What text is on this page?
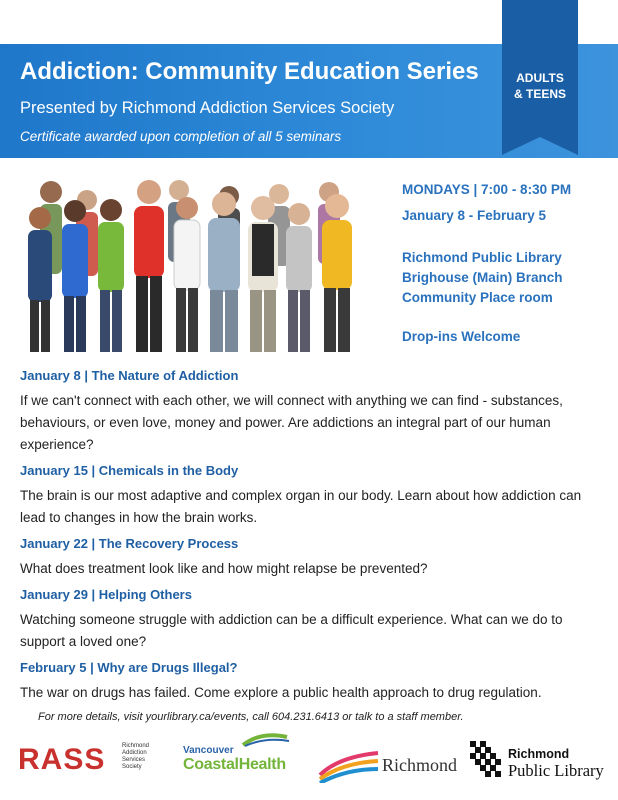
Addiction: Community Education Series
Presented by Richmond Addiction Services Society
Certificate awarded upon completion of all 5 seminars
ADULTS
& TEENS
MONDAYS | 7:00 - 8:30 PM
January 8 - February 5
Richmond Public Library
Brighouse (Main) Branch
Community Place room
Drop-ins Welcome
January 8 | The Nature of Addiction
If we can't connect with each other, we will connect with anything we can find - substances, behaviours, or even love, money and power. Are addictions an integral part of our human experience?
January 15 | Chemicals in the Body
The brain is our most adaptive and complex organ in our body. Learn about how addiction can lead to changes in how the brain works.
January 22 | The Recovery Process
What does treatment look like and how might relapse be prevented?
January 29 | Helping Others
Watching someone struggle with addiction can be a difficult experience. What can we do to support a loved one?
February 5 | Why are Drugs Illegal?
The war on drugs has failed. Come explore a public health approach to drug regulation.
For more details, visit yourlibrary.ca/events, call 604.231.6413 or talk to a staff member.
RASS	Richmond
Addiction
Services
Society
Vancouver
CoastalHealth	Richmond
Richmond
Public Library
